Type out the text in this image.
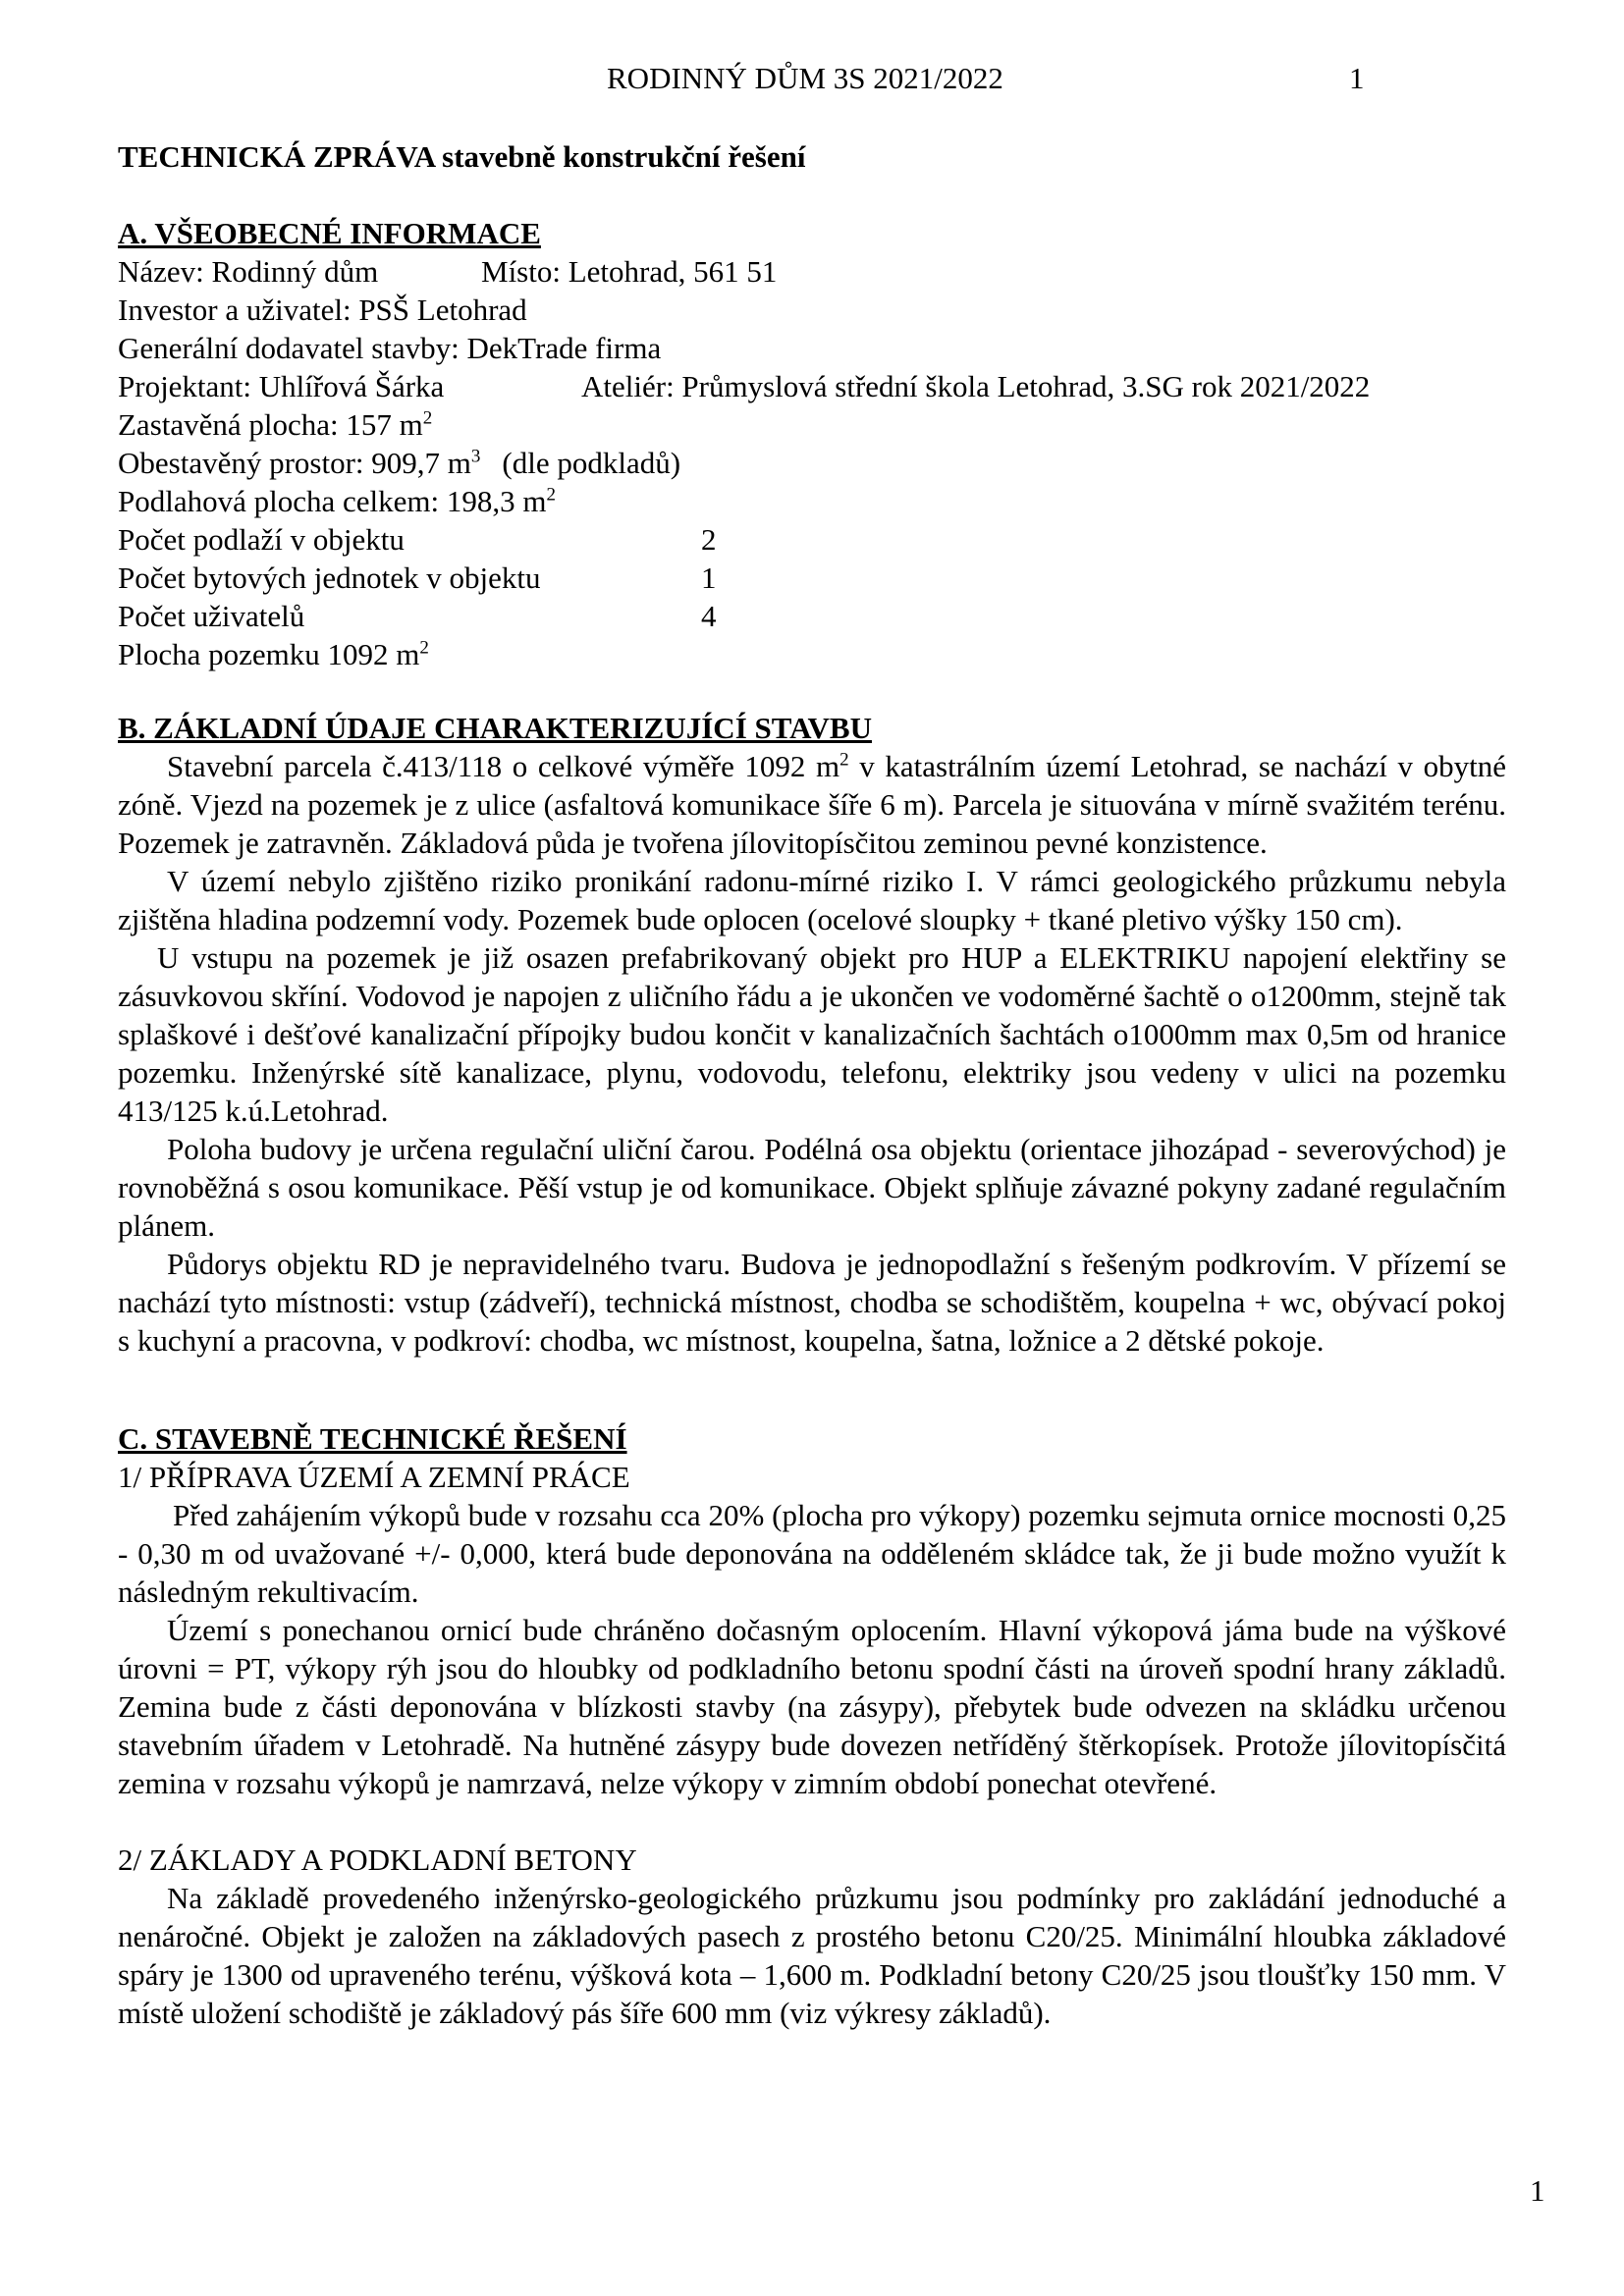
RODINNÝ DŮM 3S 2021/2022	1
TECHNICKÁ ZPRÁVA stavebně konstrukční řešení
A. VŠEOBECNÉ INFORMACE
Název: Rodinný dům	Místo: Letohrad, 561 51
Investor a uživatel: PSŠ Letohrad
Generální dodavatel stavby: DekTrade firma
Projektant: Uhlířová Šárka	Ateliér: Průmyslová střední škola Letohrad, 3.SG rok 2021/2022
Zastavěná plocha: 157 $m^2$
Obestavěný prostor: 909,7 $m^3$ (dle podkladů)
Podlahová plocha celkem: 198,3 $m^2$
Počet podlaží v objektu	2
Počet bytových jednotek v objektu	1
Počet uživatelů	4
Plocha pozemku 1092 $m^2$
B. ZÁKLADNÍ ÚDAJE CHARAKTERIZUJÍCÍ STAVBU

Stavební parcela č.413/118 o celkové výměře 1092 $m^2$ v katastrálním území Letohrad, se nachází v obytné zóně. Vjezd na pozemek je z ulice (asfaltová komunikace šíře 6 m). Parcela je situována v mírně svažitém terénu. Pozemek je zatravněn. Základová půda je tvořena jílovitopísčitou zeminou pevné konzistence.

V území nebylo zjištěno riziko pronikání radonu-mírné riziko I. V rámci geologického průzkumu nebyla zjištěna hladina podzemní vody. Pozemek bude oplocen (ocelové sloupky + tkané pletivo výšky 150 cm).

U vstupu na pozemek je již osazen prefabrikovaný objekt pro HUP a ELEKTRIKU napojení elektřiny se zásuvkovou skříní. Vodovod je napojen z uličního řádu a je ukončen ve vodoměrné šachtě o o1200mm, stejně tak splaškové i dešťové kanalizační přípojky budou končit v kanalizačních šachtách o1000mm max 0,5m od hranice pozemku. Inženýrské sítě kanalizace, plynu, vodovodu, telefonu, elektriky jsou vedeny v ulici na pozemku 413/125 k.ú.Letohrad.

Poloha budovy je určena regulační uliční čarou. Podélná osa objektu (orientace jihozápad - severovýchod) je rovnoběžná s osou komunikace. Pěší vstup je od komunikace. Objekt splňuje závazné pokyny zadané regulačním plánem.

Půdorys objektu RD je nepravidelného tvaru. Budova je jednopodlažní s řešeným podkrovím. V přízemí se nachází tyto místnosti: vstup (zádveří), technická místnost, chodba se schodištěm, koupelna + wc, obývací pokoj s kuchyní a pracovna, v podkroví: chodba, wc místnost, koupelna, šatna, ložnice a 2 dětské pokoje.

C. STAVEBNĚ TECHNICKÉ ŘEŠENÍ
1/ PŘÍPRAVA ÚZEMÍ A ZEMNÍ PRÁCE

Před zahájením výkopů bude v rozsahu cca 20% (plocha pro výkopy) pozemku sejmuta ornice mocnosti 0,25 - 0,30 m od uvažované +/- 0,000, která bude deponována na odděleném skládce tak, že ji bude možno využít k následným rekultivacím.

Území s ponechanou ornicí bude chráněno dočasným oplocením. Hlavní výkopová jáma bude na výškové úrovni = PT, výkopy rýh jsou do hloubky od podkladního betonu spodní části na úroveň spodní hrany základů. Zemina bude z části deponována v blízkosti stavby (na zásypy), přebytek bude odvezen na skládku určenou stavebním úřadem v Letohradě. Na hutněné zásypy bude dovezen netříděný štěrkopísek. Protože jílovitopísčitá zemina v rozsahu výkopů je namrzavá, nelze výkopy v zimním období ponechat otevřené.

2/ ZÁKLADY A PODKLADNÍ BETONY

Na základě provedeného inženýrsko-geologického průzkumu jsou podmínky pro zakládání jednoduché a nenáročné. Objekt je založen na základových pasech z prostého betonu C20/25. Minimální hloubka základové spáry je 1300 od upraveného terénu, výšková kota – 1,600 m. Podkladní betony C20/25 jsou tloušťky 150 mm. V místě uložení schodiště je základový pás šíře 600 mm (viz výkresy základů).

1
